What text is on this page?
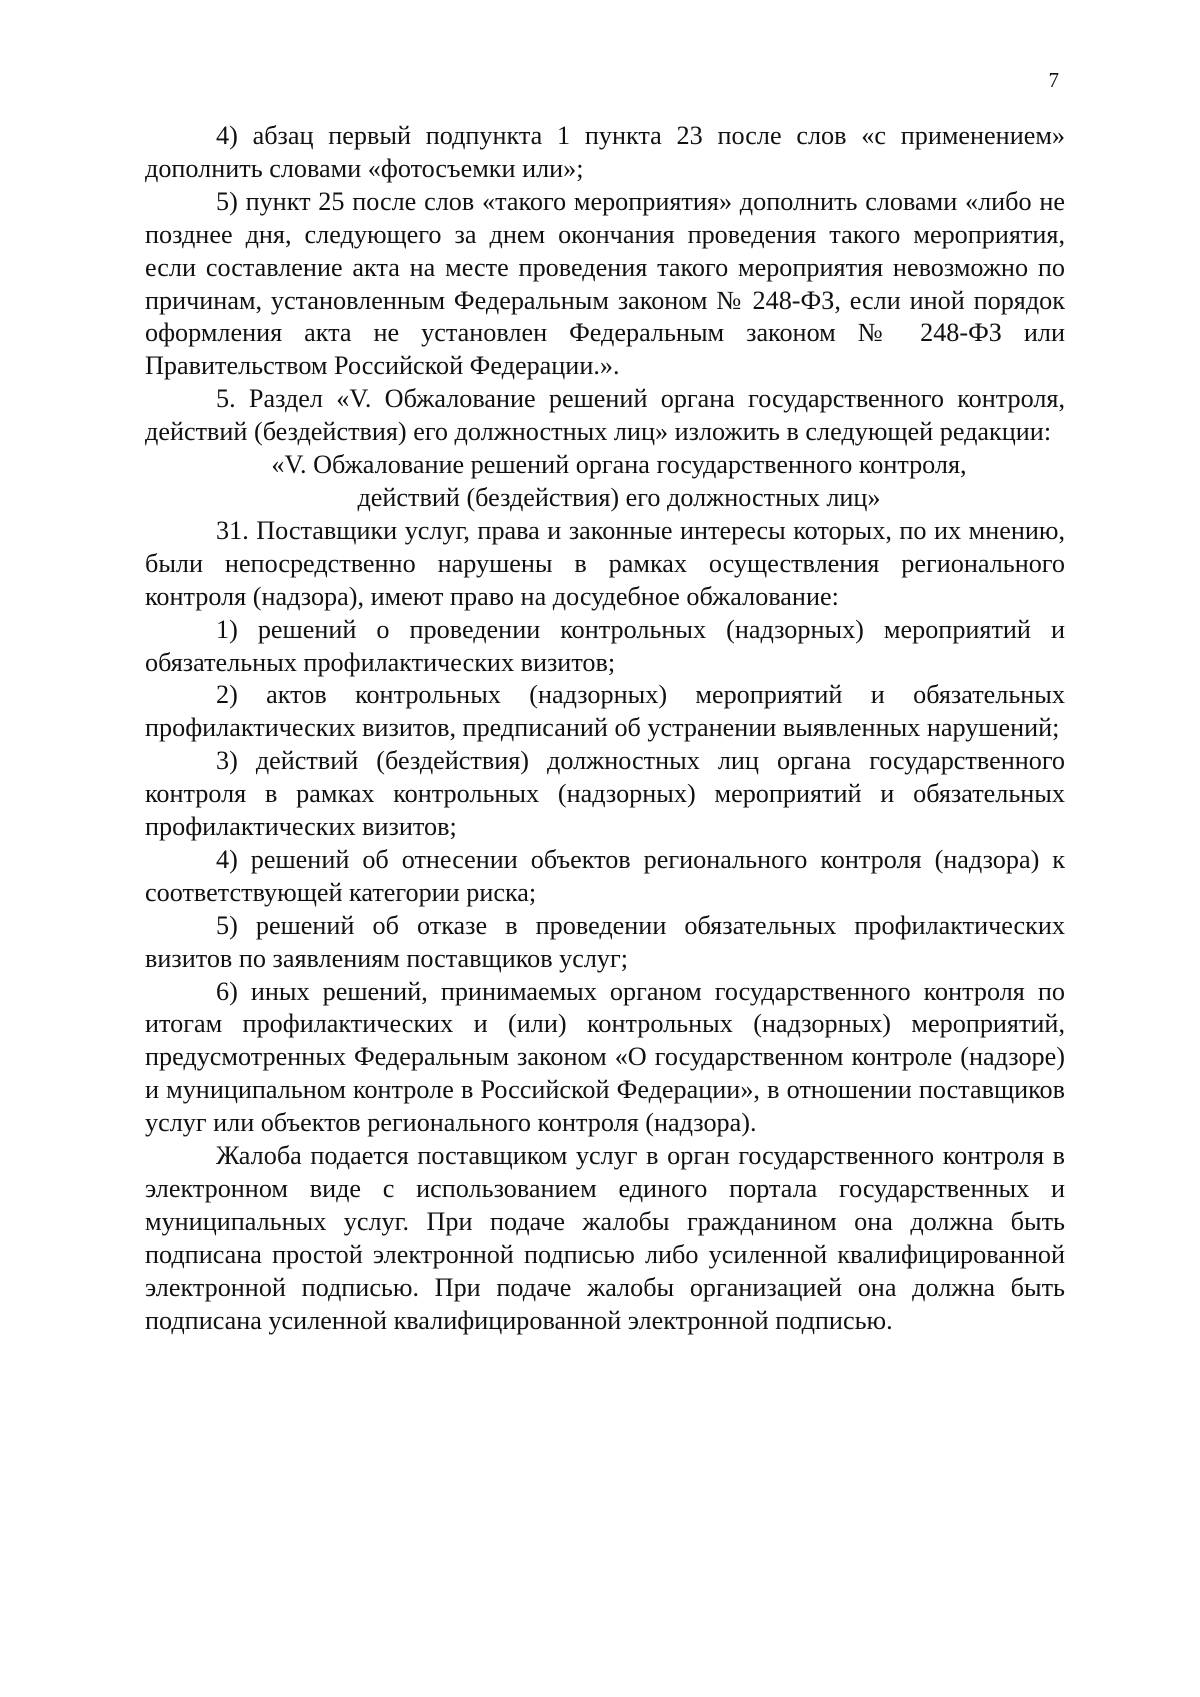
7

4) абзац первый подпункта 1 пункта 23 после слов «с применением» дополнить словами «фотосъемки или»;

5) пункт 25 после слов «такого мероприятия» дополнить словами «либо не позднее дня, следующего за днем окончания проведения такого мероприятия, если составление акта на месте проведения такого мероприятия невозможно по причинам, установленным Федеральным законом № 248-ФЗ, если иной порядок оформления акта не установлен Федеральным законом № 248-ФЗ или Правительством Российской Федерации.».

5. Раздел «V. Обжалование решений органа государственного контроля, действий (бездействия) его должностных лиц» изложить в следующей редакции:

«V. Обжалование решений органа государственного контроля,
действий (бездействия) его должностных лиц»

31. Поставщики услуг, права и законные интересы которых, по их мнению, были непосредственно нарушены в рамках осуществления регионального контроля (надзора), имеют право на досудебное обжалование:

1) решений о проведении контрольных (надзорных) мероприятий и обязательных профилактических визитов;

2) актов контрольных (надзорных) мероприятий и обязательных профилактических визитов, предписаний об устранении выявленных нарушений;

3) действий (бездействия) должностных лиц органа государственного контроля в рамках контрольных (надзорных) мероприятий и обязательных профилактических визитов;

4) решений об отнесении объектов регионального контроля (надзора) к соответствующей категории риска;

5) решений об отказе в проведении обязательных профилактических визитов по заявлениям поставщиков услуг;

6) иных решений, принимаемых органом государственного контроля по итогам профилактических и (или) контрольных (надзорных) мероприятий, предусмотренных Федеральным законом «О государственном контроле (надзоре) и муниципальном контроле в Российской Федерации», в отношении поставщиков услуг или объектов регионального контроля (надзора).

Жалоба подается поставщиком услуг в орган государственного контроля в электронном виде с использованием единого портала государственных и муниципальных услуг. При подаче жалобы гражданином она должна быть подписана простой электронной подписью либо усиленной квалифицированной электронной подписью. При подаче жалобы организацией она должна быть подписана усиленной квалифицированной электронной подписью.
